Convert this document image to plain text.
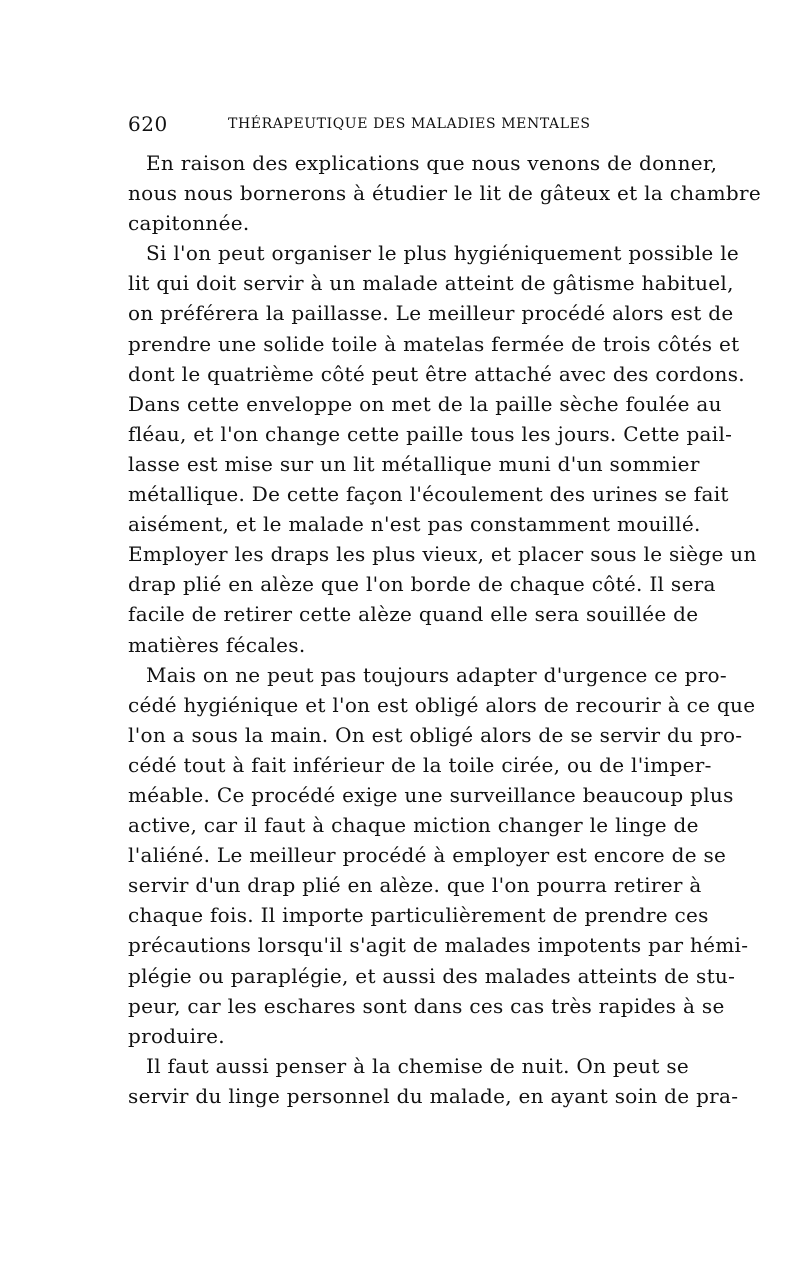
620	THÉRAPEUTIQUE DES MALADIES MENTALES
En raison des explications que nous venons de donner,
nous nous bornerons à étudier le lit de gâteux et la chambre
capitonnée.
Si l'on peut organiser le plus hygiéniquement possible le
lit qui doit servir à un malade atteint de gâtisme habituel,
on préférera la paillasse. Le meilleur procédé alors est de
prendre une solide toile à matelas fermée de trois côtés et
dont le quatrième côté peut être attaché avec des cordons.
Dans cette enveloppe on met de la paille sèche foulée au
fléau, et l'on change cette paille tous les jours. Cette pail-
lasse est mise sur un lit métallique muni d'un sommier
métallique. De cette façon l'écoulement des urines se fait
aisément, et le malade n'est pas constamment mouillé.
Employer les draps les plus vieux, et placer sous le siège un
drap plié en alèze que l'on borde de chaque côté. Il sera
facile de retirer cette alèze quand elle sera souillée de
matières fécales.
Mais on ne peut pas toujours adapter d'urgence ce pro-
cédé hygiénique et l'on est obligé alors de recourir à ce que
l'on a sous la main. On est obligé alors de se servir du pro-
cédé tout à fait inférieur de la toile cirée, ou de l'imper-
méable. Ce procédé exige une surveillance beaucoup plus
active, car il faut à chaque miction changer le linge de
l'aliéné. Le meilleur procédé à employer est encore de se
servir d'un drap plié en alèze. que l'on pourra retirer à
chaque fois. Il importe particulièrement de prendre ces
précautions lorsqu'il s'agit de malades impotents par hémi-
plégie ou paraplégie, et aussi des malades atteints de stu-
peur, car les eschares sont dans ces cas très rapides à se
produire.
Il faut aussi penser à la chemise de nuit. On peut se
servir du linge personnel du malade, en ayant soin de pra-
